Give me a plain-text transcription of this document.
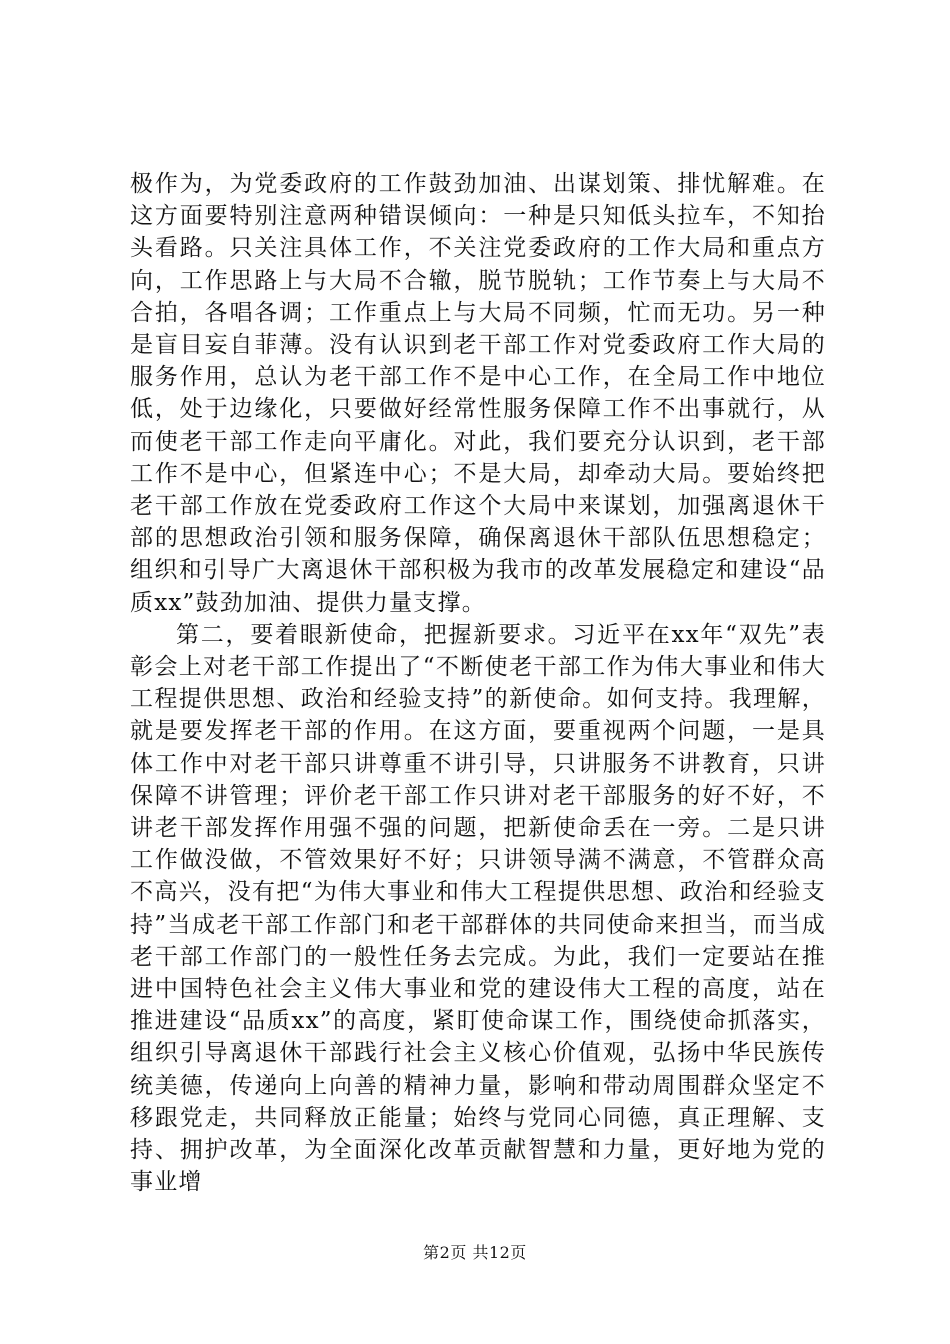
极作为，为党委政府的工作鼓劲加油、出谋划策、排忧解难。在这方面要特别注意两种错误倾向：一种是只知低头拉车，不知抬头看路。只关注具体工作，不关注党委政府的工作大局和重点方向，工作思路上与大局不合辙，脱节脱轨；工作节奏上与大局不合拍，各唱各调；工作重点上与大局不同频，忙而无功。另一种是盲目妄自菲薄。没有认识到老干部工作对党委政府工作大局的服务作用，总认为老干部工作不是中心工作，在全局工作中地位低，处于边缘化，只要做好经常性服务保障工作不出事就行，从而使老干部工作走向平庸化。对此，我们要充分认识到，老干部工作不是中心，但紧连中心；不是大局，却牵动大局。要始终把老干部工作放在党委政府工作这个大局中来谋划，加强离退休干部的思想政治引领和服务保障，确保离退休干部队伍思想稳定；组织和引导广大离退休干部积极为我市的改革发展稳定和建设“品质xx”鼓劲加油、提供力量支撑。

第二，要着眼新使命，把握新要求。习近平在xx年“双先”表彰会上对老干部工作提出了“不断使老干部工作为伟大事业和伟大工程提供思想、政治和经验支持”的新使命。如何支持。我理解，就是要发挥老干部的作用。在这方面，要重视两个问题，一是具体工作中对老干部只讲尊重不讲引导，只讲服务不讲教育，只讲保障不讲管理；评价老干部工作只讲对老干部服务的好不好，不讲老干部发挥作用强不强的问题，把新使命丢在一旁。二是只讲工作做没做，不管效果好不好；只讲领导满不满意，不管群众高不高兴，没有把“为伟大事业和伟大工程提供思想、政治和经验支持”当成老干部工作部门和老干部群体的共同使命来担当，而当成老干部工作部门的一般性任务去完成。为此，我们一定要站在推进中国特色社会主义伟大事业和党的建设伟大工程的高度，站在推进建设“品质xx”的高度，紧盯使命谋工作，围绕使命抓落实，组织引导离退休干部践行社会主义核心价值观，弘扬中华民族传统美德，传递向上向善的精神力量，影响和带动周围群众坚定不移跟党走，共同释放正能量；始终与党同心同德，真正理解、支持、拥护改革，为全面深化改革贡献智慧和力量，更好地为党的事业增

第2页 共12页
